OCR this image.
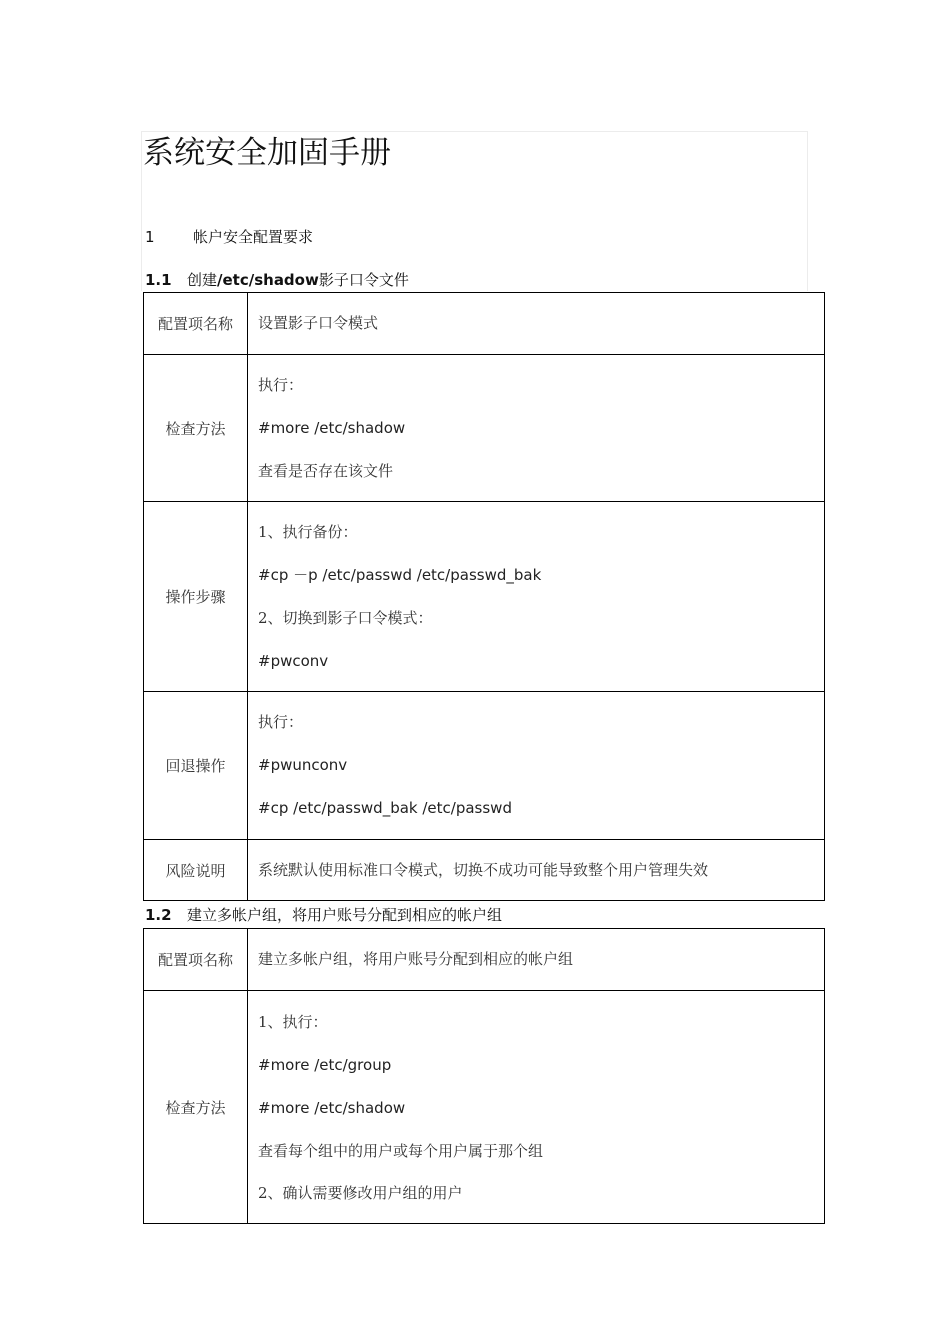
系统安全加固手册
1	帐户安全配置要求
1.1 创建/etc/shadow影子口令文件
配置项名称	设置影子口令模式

检查方法	执行：
#more /etc/shadow
查看是否存在该文件

操作步骤	1、执行备份：
#cp －p /etc/passwd /etc/passwd_bak
2、切换到影子口令模式：
#pwconv

回退操作	执行：
#pwunconv
#cp /etc/passwd_bak /etc/passwd

风险说明	系统默认使用标准口令模式，切换不成功可能导致整个用户管理失效
1.2 建立多帐户组，将用户账号分配到相应的帐户组
配置项名称	建立多帐户组，将用户账号分配到相应的帐户组

检查方法	1、执行：
#more /etc/group
#more /etc/shadow
查看每个组中的用户或每个用户属于那个组
2、确认需要修改用户组的用户
